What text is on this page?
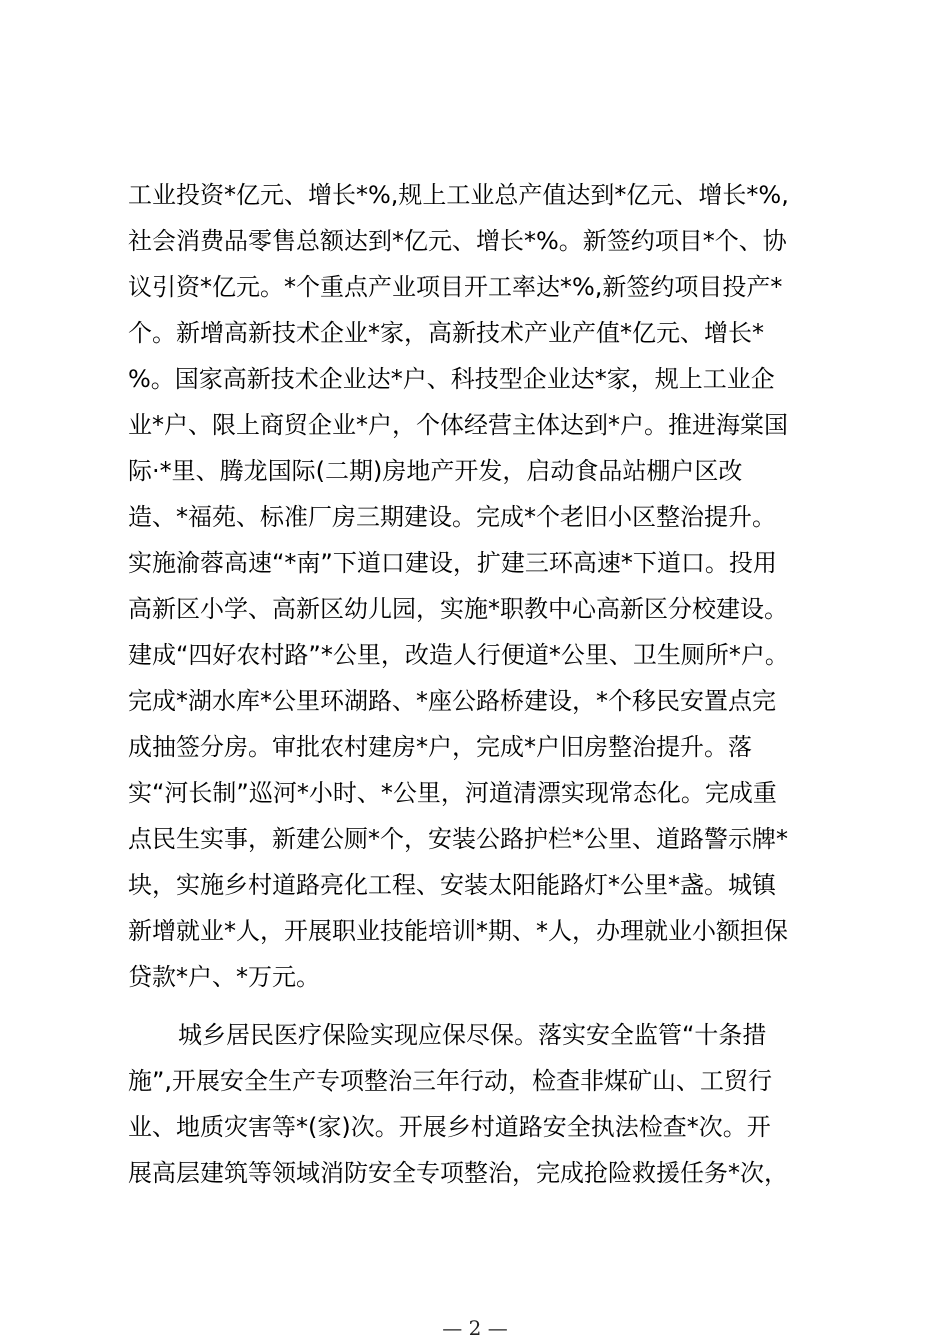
工业投资*亿元、增长*%,规上工业总产值达到*亿元、增长*%,
社会消费品零售总额达到*亿元、增长*%。新签约项目*个、协
议引资*亿元。*个重点产业项目开工率达*%,新签约项目投产*
个。新增高新技术企业*家，高新技术产业产值*亿元、增长*
%。国家高新技术企业达*户、科技型企业达*家，规上工业企
业*户、限上商贸企业*户，个体经营主体达到*户。推进海棠国
际·*里、腾龙国际(二期)房地产开发，启动食品站棚户区改
造、*福苑、标准厂房三期建设。完成*个老旧小区整治提升。
实施渝蓉高速“*南”下道口建设，扩建三环高速*下道口。投用
高新区小学、高新区幼儿园，实施*职教中心高新区分校建设。
建成“四好农村路”*公里，改造人行便道*公里、卫生厕所*户。
完成*湖水库*公里环湖路、*座公路桥建设，*个移民安置点完
成抽签分房。审批农村建房*户，完成*户旧房整治提升。落
实“河长制”巡河*小时、*公里，河道清漂实现常态化。完成重
点民生实事，新建公厕*个，安装公路护栏*公里、道路警示牌*
块，实施乡村道路亮化工程、安装太阳能路灯*公里*盏。城镇
新增就业*人，开展职业技能培训*期、*人，办理就业小额担保
贷款*户、*万元。
城乡居民医疗保险实现应保尽保。落实安全监管“十条措
施”,开展安全生产专项整治三年行动，检查非煤矿山、工贸行
业、地质灾害等*(家)次。开展乡村道路安全执法检查*次。开
展高层建筑等领域消防安全专项整治，完成抢险救援任务*次，
— 2 —
